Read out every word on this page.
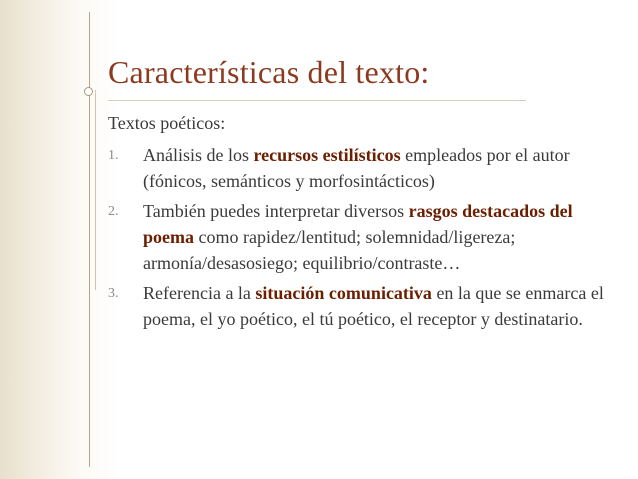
Características del texto:
Textos poéticos:
1. Análisis de los recursos estilísticos empleados por el autor (fónicos, semánticos y morfosintácticos)
2. También puedes interpretar diversos rasgos destacados del poema como rapidez/lentitud; solemnidad/ligereza; armonía/desasosiego; equilibrio/contraste…
3. Referencia a la situación comunicativa en la que se enmarca el poema, el yo poético, el tú poético, el receptor y destinatario.
